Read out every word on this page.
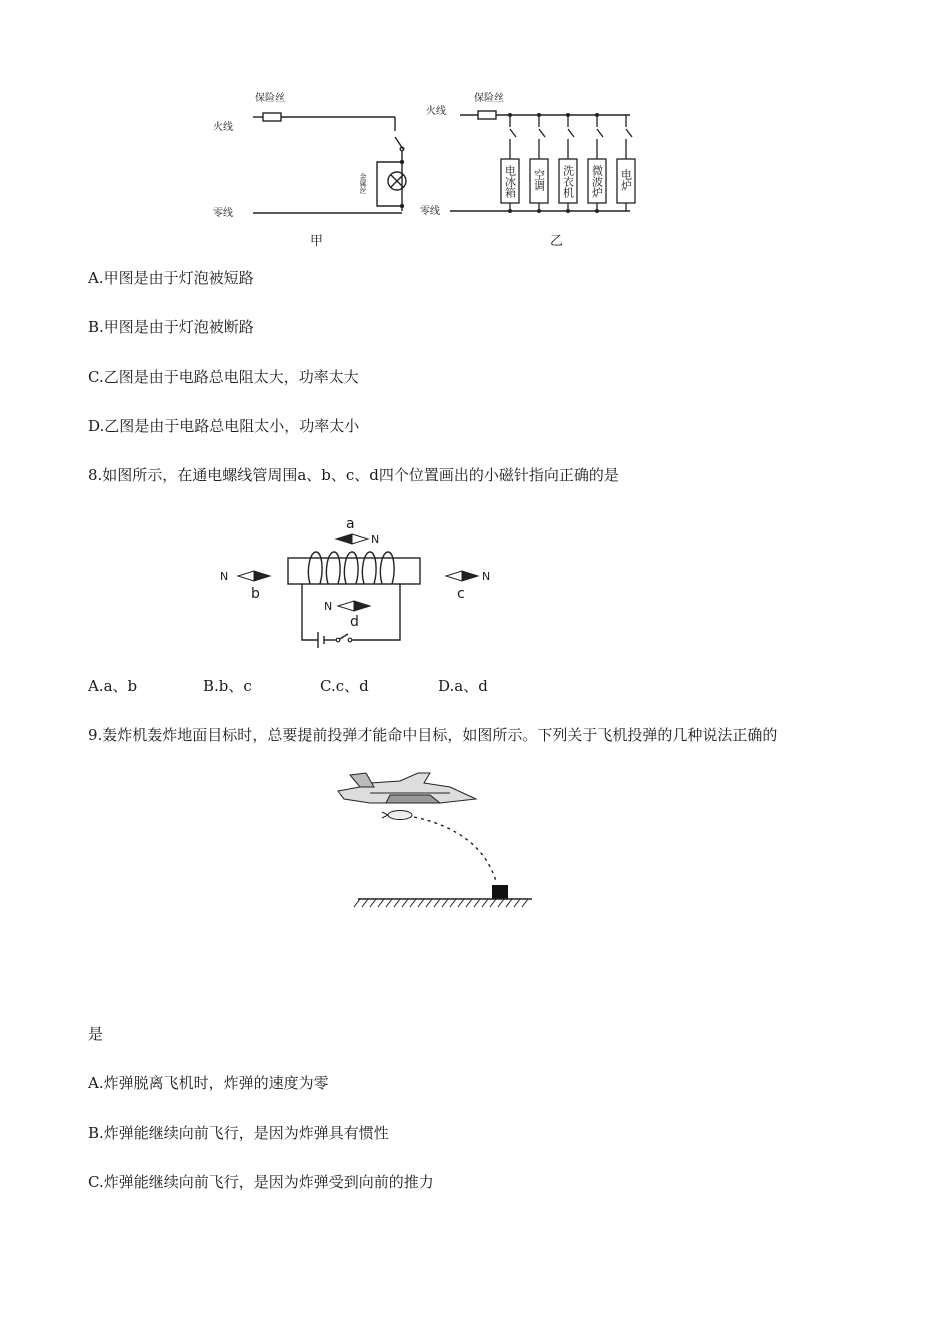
保险丝
火线
零线
金属丝
甲
电冰箱 空调 洗衣机 微波炉 电炉
保险丝
火线
零线
乙
A.甲图是由于灯泡被短路
B.甲图是由于灯泡被断路
C.乙图是由于电路总电阻太大，功率太大
D.乙图是由于电路总电阻太小，功率太小
8.如图所示，在通电螺线管周围a、b、c、d四个位置画出的小磁针指向正确的是
a
N
N
b
N
c
N
d
A.a、b	B.b、c	C.c、d	D.a、d
9.轰炸机轰炸地面目标时，总要提前投弹才能命中目标，如图所示。下列关于飞机投弹的几种说法正确的
是
A.炸弹脱离飞机时，炸弹的速度为零
B.炸弹能继续向前飞行，是因为炸弹具有惯性
C.炸弹能继续向前飞行，是因为炸弹受到向前的推力
